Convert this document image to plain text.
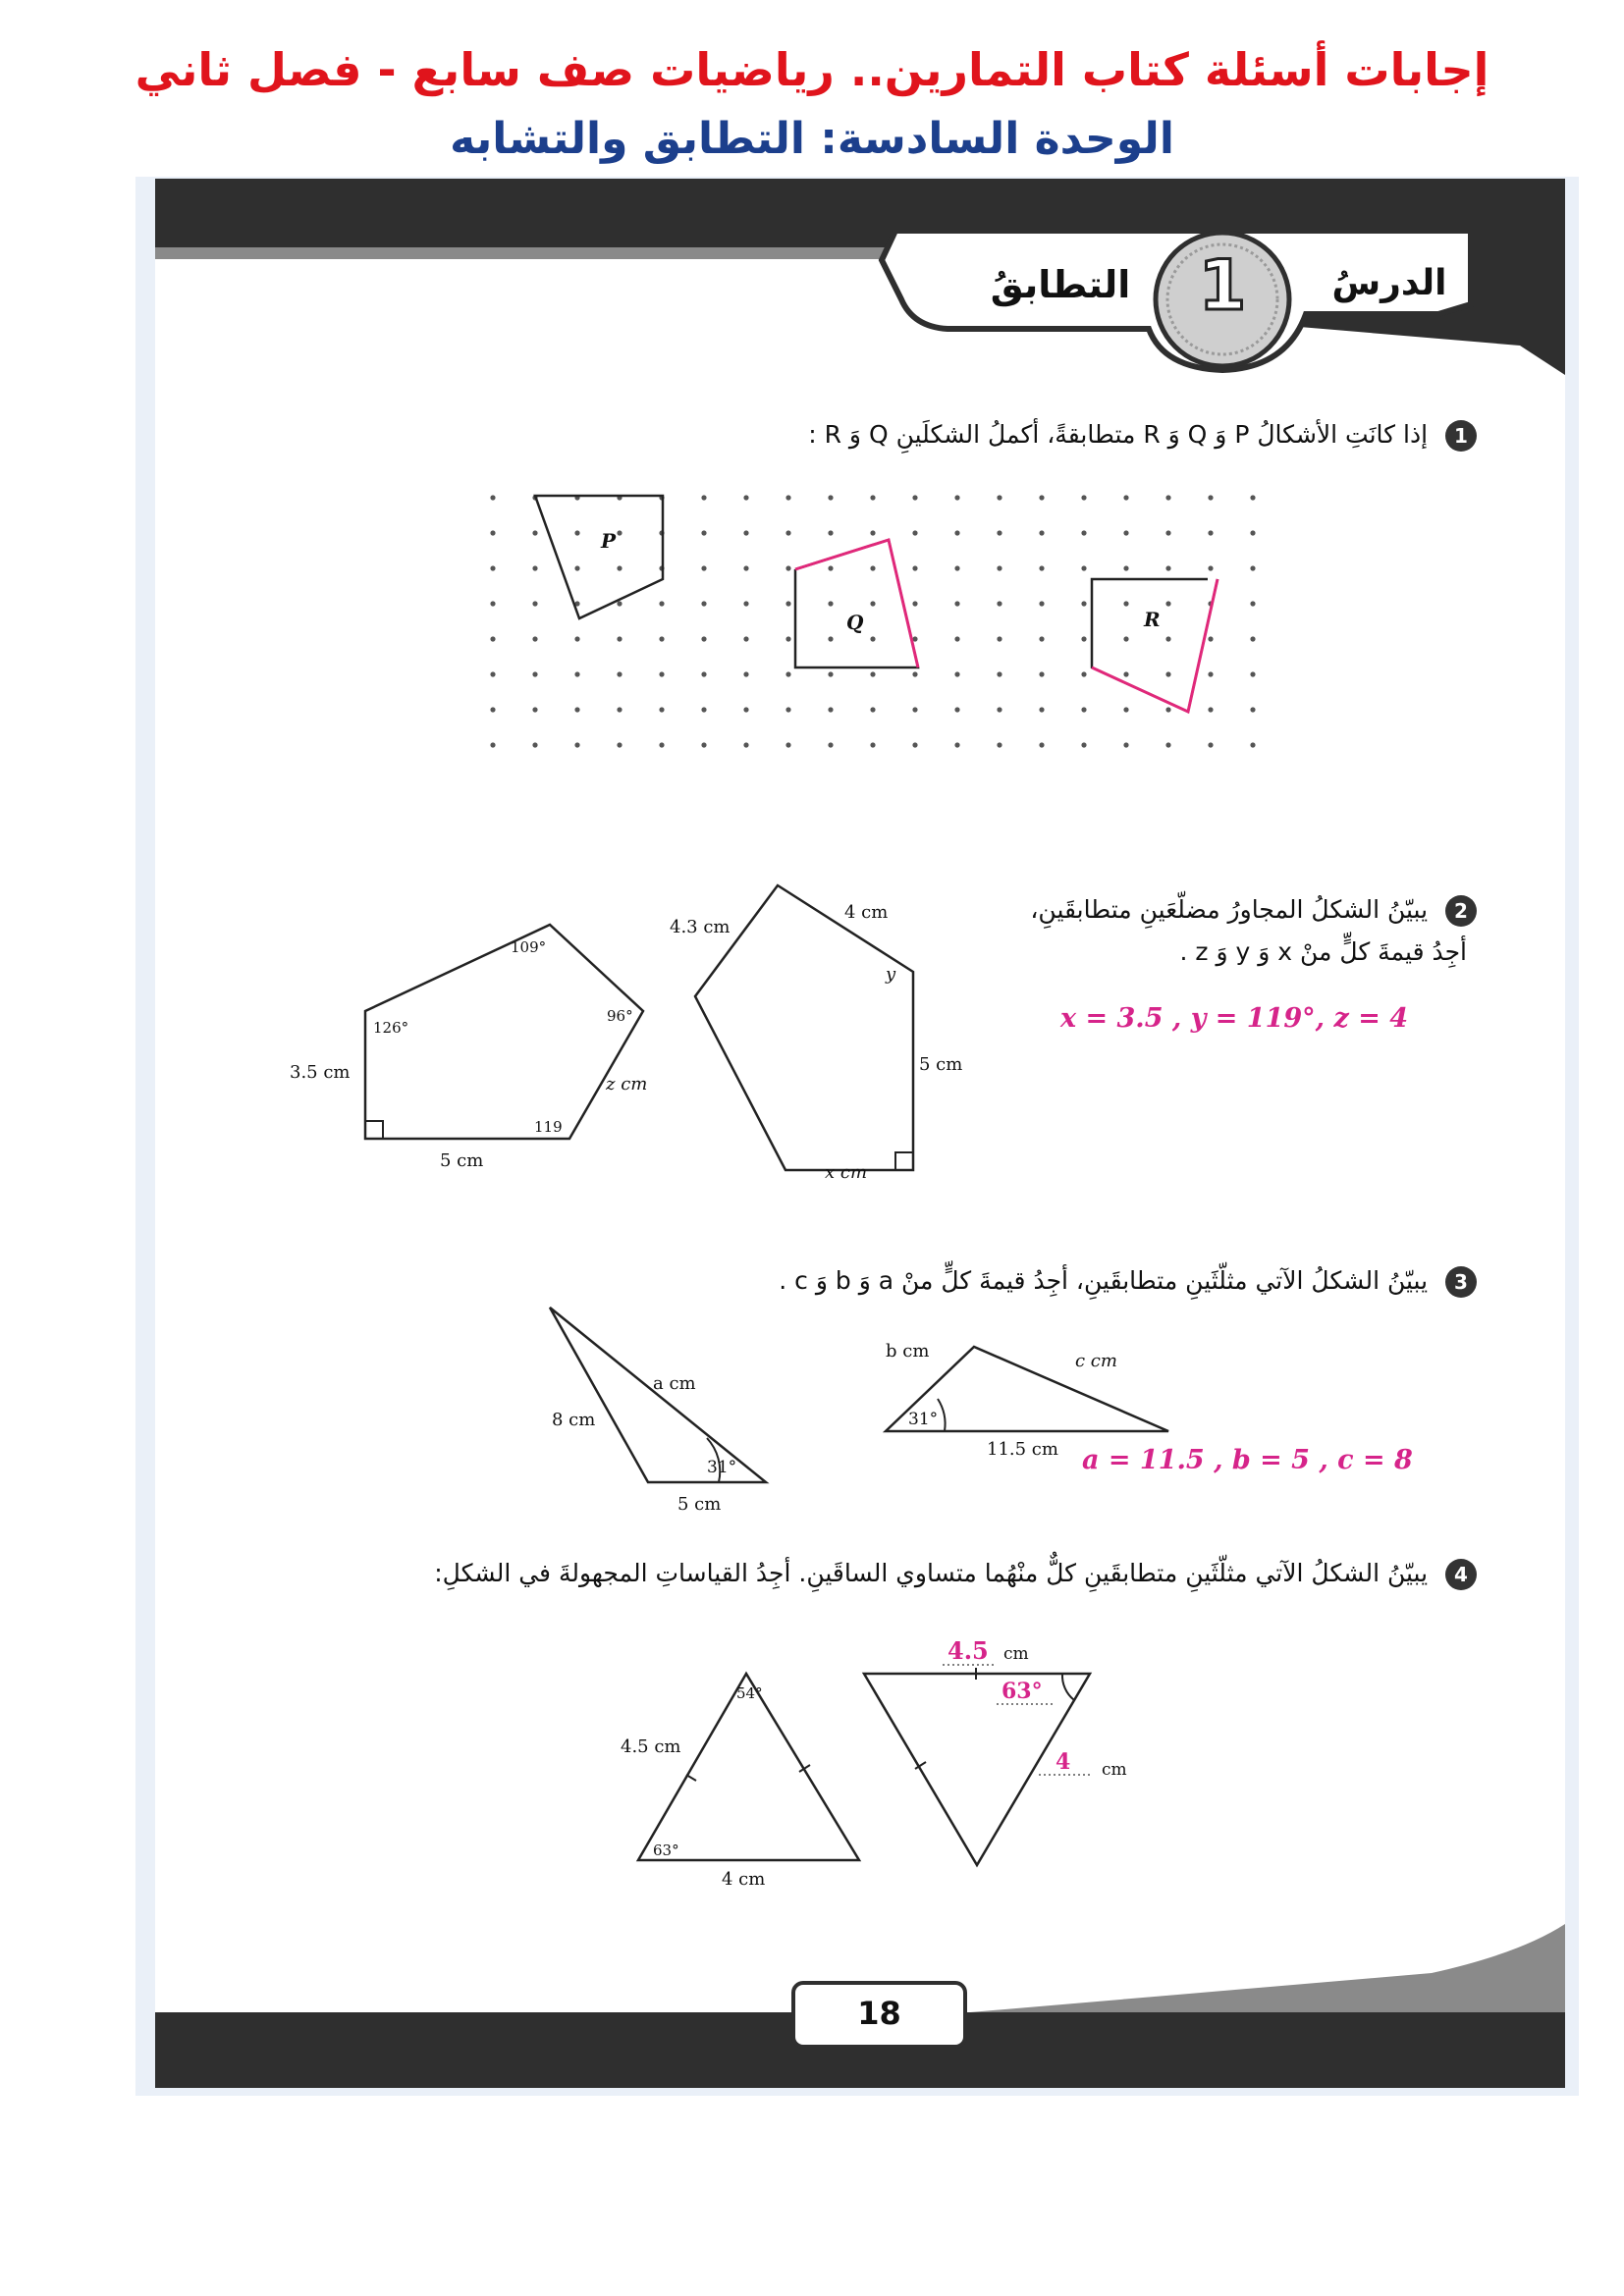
إجابات أسئلة كتاب التمارين.. رياضيات صف سابع - فصل ثاني
الوحدة السادسة: التطابق والتشابه
الدرسُ
1
التطابقُ
1 إذا كانَتِ الأشكالُ P وَ Q وَ R متطابقةً، أكملُ الشكلَينِ Q وَ R :
P
Q	R
2 يبيّنُ الشكلُ المجاورُ مضلّعَينِ متطابقَينِ،
أجِدُ قيمةَ كلٍّ منْ x وَ y وَ z .
x = 3.5 , y = 119°, z = 4
109°
126°
96°
119
3.5 cm
5 cm
z cm
4.3 cm
4 cm
5 cm
x cm
y
3 يبيّنُ الشكلُ الآتي مثلّثَينِ متطابقَينِ، أجِدُ قيمةَ كلٍّ منْ a وَ b وَ c .
a = 11.5 , b = 5 , c = 8
a cm
8 cm
5 cm
31°
b cm	c cm
11.5 cm
31°
4 يبيّنُ الشكلُ الآتي مثلّثَينِ متطابقَينِ كلٌّ منْهُما متساوي الساقَينِ. أجِدُ القياساتِ المجهولةَ في الشكلِ:
54°
63°
4.5 cm
4 cm
4.5 cm
63°
4 cm
18
